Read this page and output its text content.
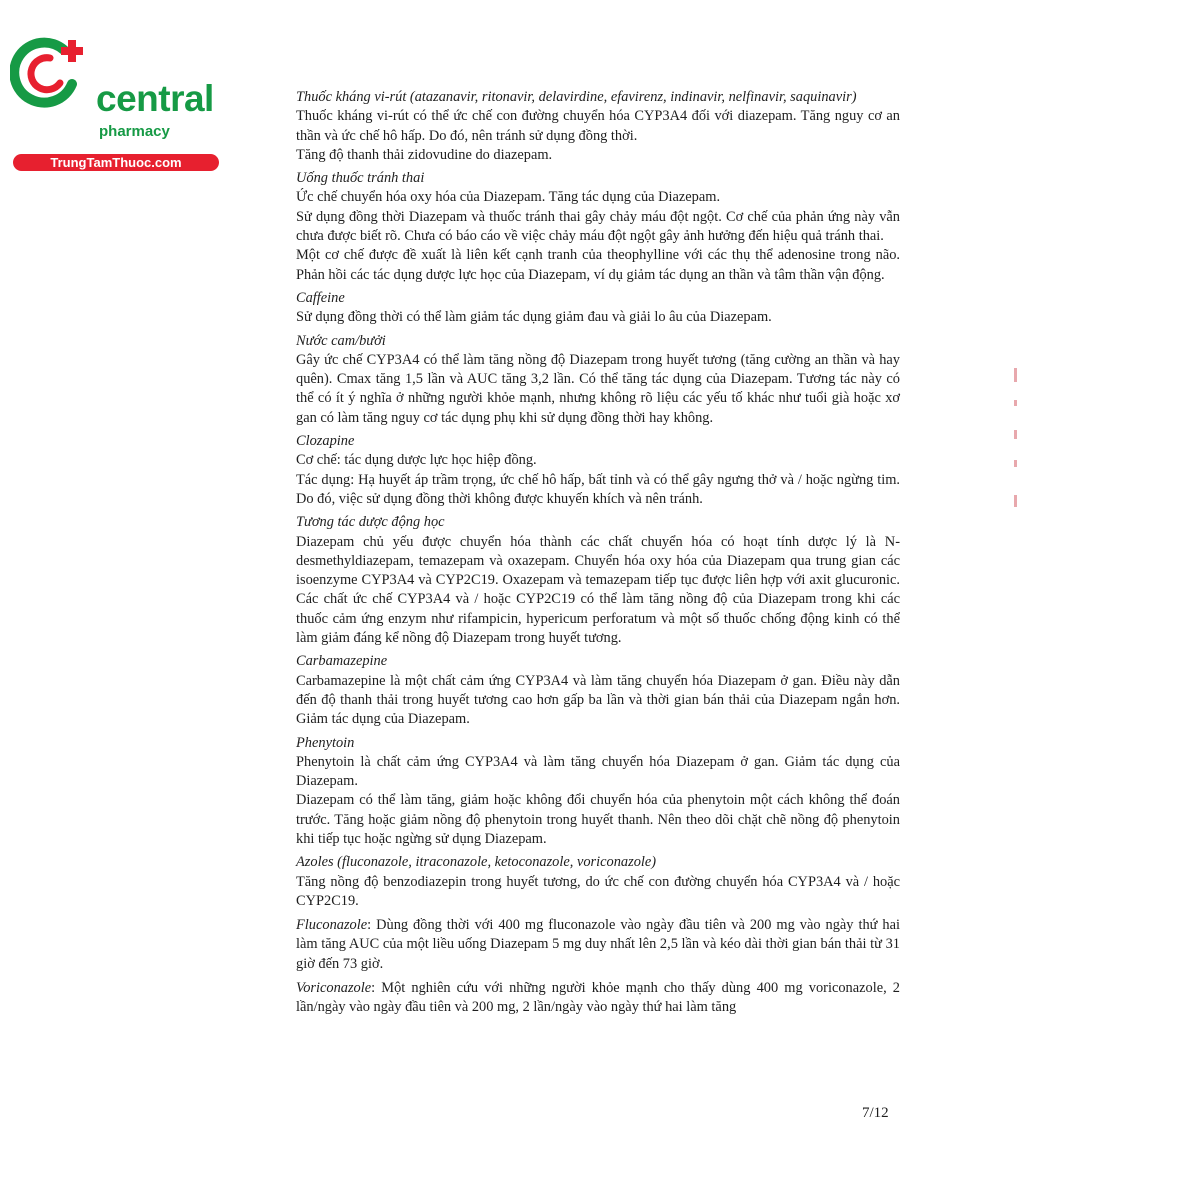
central
pharmacy
TrungTamThuoc.com

Thuốc kháng vi-rút (atazanavir, ritonavir, delavirdine, efavirenz, indinavir, nelfinavir, saquinavir)

Thuốc kháng vi-rút có thể ức chế con đường chuyển hóa CYP3A4 đối với diazepam. Tăng nguy cơ an thần và ức chế hô hấp. Do đó, nên tránh sử dụng đồng thời.

Tăng độ thanh thải zidovudine do diazepam.

Uống thuốc tránh thai

Ức chế chuyển hóa oxy hóa của Diazepam. Tăng tác dụng của Diazepam.

Sử dụng đồng thời Diazepam và thuốc tránh thai gây chảy máu đột ngột. Cơ chế của phản ứng này vẫn chưa được biết rõ. Chưa có báo cáo về việc chảy máu đột ngột gây ảnh hưởng đến hiệu quả tránh thai.

Một cơ chế được đề xuất là liên kết cạnh tranh của theophylline với các thụ thể adenosine trong não. Phản hồi các tác dụng dược lực học của Diazepam, ví dụ giảm tác dụng an thần và tâm thần vận động.

Caffeine

Sử dụng đồng thời có thể làm giảm tác dụng giảm đau và giải lo âu của Diazepam.

Nước cam/bưởi

Gây ức chế CYP3A4 có thể làm tăng nồng độ Diazepam trong huyết tương (tăng cường an thần và hay quên). Cmax tăng 1,5 lần và AUC tăng 3,2 lần. Có thể tăng tác dụng của Diazepam. Tương tác này có thể có ít ý nghĩa ở những người khỏe mạnh, nhưng không rõ liệu các yếu tố khác như tuổi già hoặc xơ gan có làm tăng nguy cơ tác dụng phụ khi sử dụng đồng thời hay không.

Clozapine

Cơ chế: tác dụng dược lực học hiệp đồng.

Tác dụng: Hạ huyết áp trầm trọng, ức chế hô hấp, bất tỉnh và có thể gây ngưng thở và / hoặc ngừng tim. Do đó, việc sử dụng đồng thời không được khuyến khích và nên tránh.

Tương tác dược động học

Diazepam chủ yếu được chuyển hóa thành các chất chuyển hóa có hoạt tính dược lý là N-desmethyldiazepam, temazepam và oxazepam. Chuyển hóa oxy hóa của Diazepam qua trung gian các isoenzyme CYP3A4 và CYP2C19. Oxazepam và temazepam tiếp tục được liên hợp với axit glucuronic. Các chất ức chế CYP3A4 và / hoặc CYP2C19 có thể làm tăng nồng độ của Diazepam trong khi các thuốc cảm ứng enzym như rifampicin, hypericum perforatum và một số thuốc chống động kinh có thể làm giảm đáng kể nồng độ Diazepam trong huyết tương.

Carbamazepine

Carbamazepine là một chất cảm ứng CYP3A4 và làm tăng chuyển hóa Diazepam ở gan. Điều này dẫn đến độ thanh thải trong huyết tương cao hơn gấp ba lần và thời gian bán thải của Diazepam ngắn hơn. Giảm tác dụng của Diazepam.

Phenytoin

Phenytoin là chất cảm ứng CYP3A4 và làm tăng chuyển hóa Diazepam ở gan. Giảm tác dụng của Diazepam.

Diazepam có thể làm tăng, giảm hoặc không đổi chuyển hóa của phenytoin một cách không thể đoán trước. Tăng hoặc giảm nồng độ phenytoin trong huyết thanh. Nên theo dõi chặt chẽ nồng độ phenytoin khi tiếp tục hoặc ngừng sử dụng Diazepam.

Azoles (fluconazole, itraconazole, ketoconazole, voriconazole)

Tăng nồng độ benzodiazepin trong huyết tương, do ức chế con đường chuyển hóa CYP3A4 và / hoặc CYP2C19.

Fluconazole: Dùng đồng thời với 400 mg fluconazole vào ngày đầu tiên và 200 mg vào ngày thứ hai làm tăng AUC của một liều uống Diazepam 5 mg duy nhất lên 2,5 lần và kéo dài thời gian bán thải từ 31 giờ đến 73 giờ.

Voriconazole: Một nghiên cứu với những người khỏe mạnh cho thấy dùng 400 mg voriconazole, 2 lần/ngày vào ngày đầu tiên và 200 mg, 2 lần/ngày vào ngày thứ hai làm tăng

7/12
